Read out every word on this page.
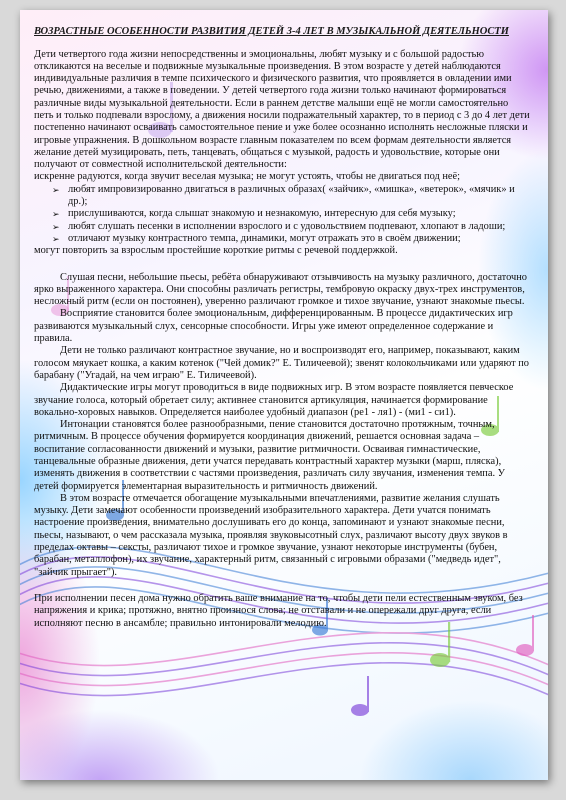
ВОЗРАСТНЫЕ ОСОБЕННОСТИ РАЗВИТИЯ ДЕТЕЙ 3-4 ЛЕТ В МУЗЫКАЛЬНОЙ ДЕЯТЕЛЬНОСТИ

Дети четвертого года жизни непосредственны и эмоциональны, любят музыку и с большой радостью откликаются на веселые и подвижные музыкальные произведения. В этом возрасте у детей наблюдаются индивидуальные различия в темпе психического и физического развития, что проявляется в овладении ими речью, движениями, а также в поведении. У детей четвертого года жизни только начинают формироваться различные виды музыкальной деятельности. Если в раннем детстве малыши ещё не могли самостоятельно петь и только подпевали взрослому, а движения носили подражательный характер, то в период с 3 до 4 лет дети постепенно начинают осваивать самостоятельное пение и уже более осознанно исполнять несложные пляски и игровые упражнения. В дошкольном возрасте главным показателем по всем формам деятельности является желание детей музицировать, петь, танцевать, общаться с музыкой, радость и удовольствие, которые они получают от совместной исполнительской деятельности:

искренне радуются, когда звучит веселая музыка; не могут устоять, чтобы не двигаться под неё;

➢ любят импровизированно двигаться в различных образах( «зайчик», «мишка», «ветерок», «мячик» и др.);
➢ прислушиваются, когда слышат знакомую и незнакомую, интересную для себя музыку;
➢ любят слушать песенки в исполнении взрослого и с удовольствием подпевают, хлопают в ладоши;
➢ отличают музыку контрастного темпа, динамики, могут отражать это в своём движении;

могут повторить за взрослым простейшие короткие ритмы с речевой поддержкой.

Слушая песни, небольшие пьесы, ребёта обнаруживают отзывчивость на музыку различного, достаточно ярко выраженного характера. Они способны различать регистры, тембровую окраску двух-трех инструментов, несложный ритм (если он постоянен), уверенно различают громкое и тихое звучание, узнают знакомые пьесы.

Восприятие становится более эмоциональным, дифференцированным. В процессе дидактических игр развиваются музыкальный слух, сенсорные способности. Игры уже имеют определенное содержание и правила.

Дети не только различают контрастное звучание, но и воспроизводят его, например, показывают, каким голосом мяукает кошка, а каким котенок ("Чей домик?" Е. Тиличеевой); звенят колокольчиками или ударяют по барабану ("Угадай, на чем играю" Е. Тиличеевой).

Дидактические игры могут проводиться в виде подвижных игр. В этом возрасте появляется певческое звучание голоса, который обретает силу; активнее становится артикуляция, начинается формирование вокально-хоровых навыков. Определяется наиболее удобный диапазон (ре1 - ля1) - (ми1 - си1).

Интонации становятся более разнообразными, пение становится достаточно протяжным, точным, ритмичным. В процессе обучения формируется координация движений, решается основная задача – воспитание согласованности движений и музыки, развитие ритмичности. Осваивая гимнастические, танцевальные образные движения, дети учатся передавать контрастный характер музыки (марш, пляска), изменять движения в соответствии с частями произведения, различать силу звучания, изменения темпа. У детей формируется элементарная выразительность и ритмичность движений.

В этом возрасте отмечается обогащение музыкальными впечатлениями, развитие желания слушать музыку. Дети замечают особенности произведений изобразительного характера. Дети учатся понимать настроение произведения, внимательно дослушивать его до конца, запоминают и узнают знакомые песни, пьесы, называют, о чем рассказала музыка, проявляя звуковысотный слух, различают высоту двух звуков в пределах октавы – сексты, различают тихое и громкое звучание, узнают некоторые инструменты (бубен, барабан, металлофон), их звучание, характерный ритм, связанный с игровыми образами ("медведь идет", "зайчик прыгает").

При исполнении песен дома нужно обратить ваше внимание на то, чтобы дети пели естественным звуком, без напряжения и крика; протяжно, внятно произнося слова; не отставали и не опережали друг друга, если исполняют песню в ансамбле; правильно интонировали мелодию.
